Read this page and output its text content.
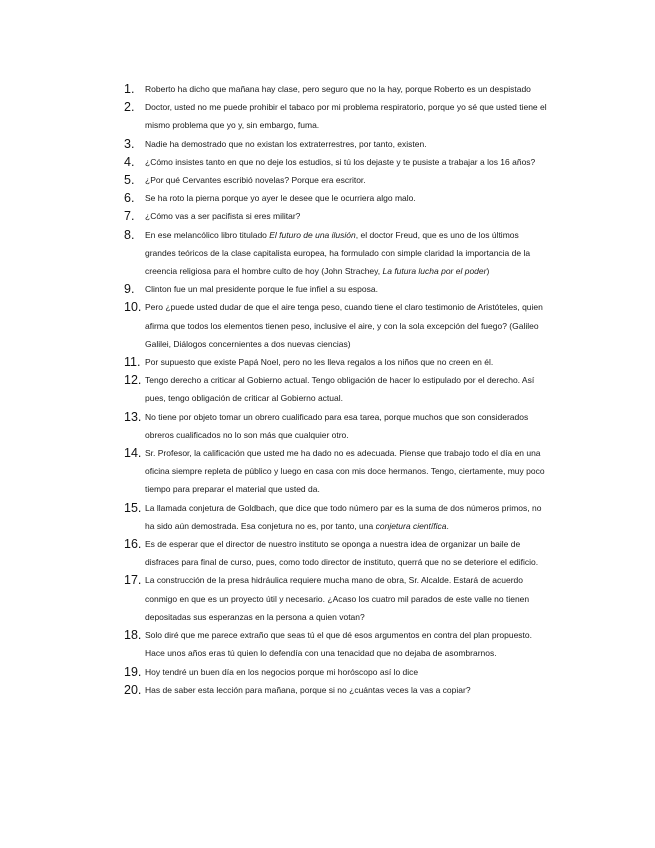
1. Roberto ha dicho que mañana hay clase, pero seguro que no la hay, porque Roberto es un despistado
2. Doctor, usted no me puede prohibir el tabaco por mi problema respiratorio, porque yo sé que usted tiene el mismo problema que yo y, sin embargo, fuma.
3. Nadie ha demostrado que no existan los extraterrestres, por tanto, existen.
4. ¿Cómo insistes tanto en que no deje los estudios, si tú los dejaste y te pusiste a trabajar a los 16 años?
5. ¿Por qué Cervantes escribió novelas? Porque era escritor.
6. Se ha roto la pierna porque yo ayer le desee que le ocurriera algo malo.
7. ¿Cómo vas a ser pacifista si eres militar?
8. En ese melancólico libro titulado El futuro de una ilusión, el doctor Freud, que es uno de los últimos grandes teóricos de la clase capitalista europea, ha formulado con simple claridad la importancia de la creencia religiosa para el hombre culto de hoy (John Strachey, La futura lucha por el poder)
9. Clinton fue un mal presidente porque le fue infiel a su esposa.
10. Pero ¿puede usted dudar de que el aire tenga peso, cuando tiene el claro testimonio de Aristóteles, quien afirma que todos los elementos tienen peso, inclusive el aire, y con la sola excepción del fuego? (Galileo Galilei, Diálogos concernientes a dos nuevas ciencias)
11. Por supuesto que existe Papá Noel, pero no les lleva regalos a los niños que no creen en él.
12. Tengo derecho a criticar al Gobierno actual. Tengo obligación de hacer lo estipulado por el derecho. Así pues, tengo obligación de criticar al Gobierno actual.
13. No tiene por objeto tomar un obrero cualificado para esa tarea, porque muchos que son considerados obreros cualificados no lo son más que cualquier otro.
14. Sr. Profesor, la calificación que usted me ha dado no es adecuada. Piense que trabajo todo el día en una oficina siempre repleta de público y luego en casa con mis doce hermanos. Tengo, ciertamente, muy poco tiempo para preparar el material que usted da.
15. La llamada conjetura de Goldbach, que dice que todo número par es la suma de dos números primos, no ha sido aún demostrada. Esa conjetura no es, por tanto, una conjetura científica.
16. Es de esperar que el director de nuestro instituto se oponga a nuestra idea de organizar un baile de disfraces para final de curso, pues, como todo director de instituto, querrá que no se deteriore el edificio.
17. La construcción de la presa hidráulica requiere mucha mano de obra, Sr. Alcalde. Estará de acuerdo conmigo en que es un proyecto útil y necesario. ¿Acaso los cuatro mil parados de este valle no tienen depositadas sus esperanzas en la persona a quien votan?
18. Solo diré que me parece extraño que seas tú el que dé esos argumentos en contra del plan propuesto. Hace unos años eras tú quien lo defendía con una tenacidad que no dejaba de asombrarnos.
19. Hoy tendré un buen día en los negocios porque mi horóscopo así lo dice
20. Has de saber esta lección para mañana, porque si no ¿cuántas veces la vas a copiar?
